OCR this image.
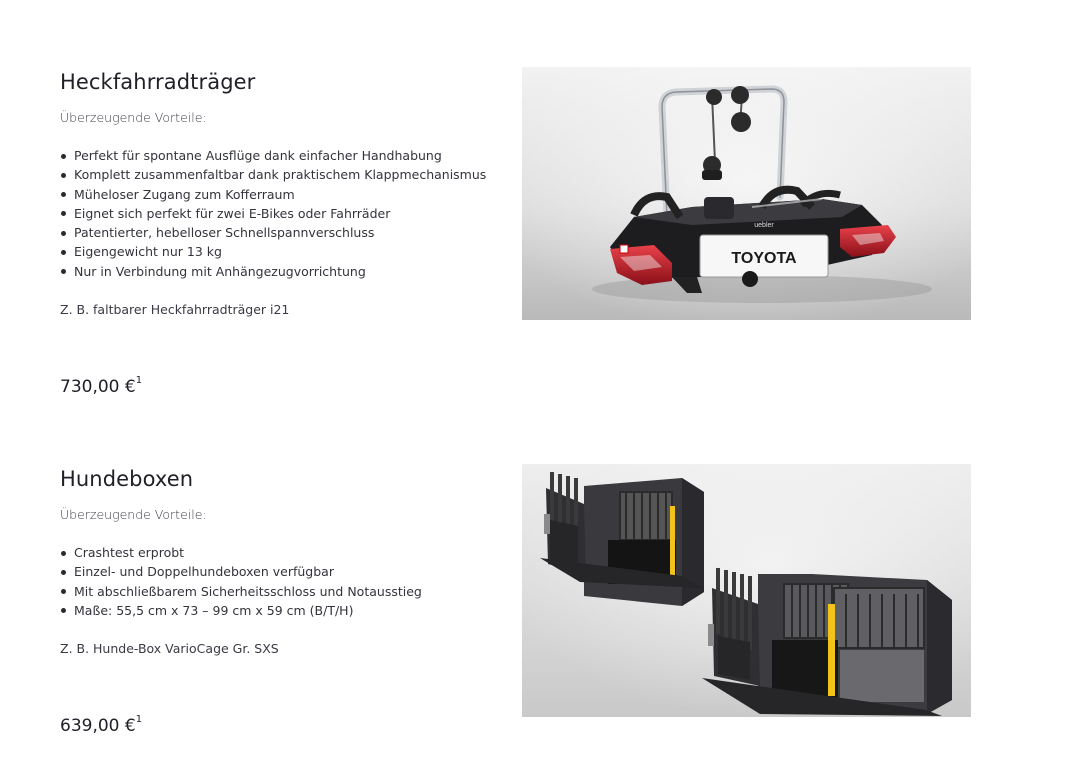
Heckfahrradträger

Überzeugende Vorteile:

Perfekt für spontane Ausflüge dank einfacher Handhabung
Komplett zusammenfaltbar dank praktischem Klappmechanismus
Müheloser Zugang zum Kofferraum
Eignet sich perfekt für zwei E-Bikes oder Fahrräder
Patentierter, hebelloser Schnellspannverschluss
Eigengewicht nur 13 kg
Nur in Verbindung mit Anhängezugvorrichtung

Z. B. faltbarer Heckfahrradträger i21

730,00 €$^1$

TOYOTA
uebler
Hundeboxen

Überzeugende Vorteile:

Crashtest erprobt
Einzel- und Doppelhundeboxen verfügbar
Mit abschließbarem Sicherheitsschloss und Notausstieg
Maße: 55,5 cm x 73 – 99 cm x 59 cm (B/T/H)

Z. B. Hunde-Box VarioCage Gr. SXS

639,00 €$^1$
